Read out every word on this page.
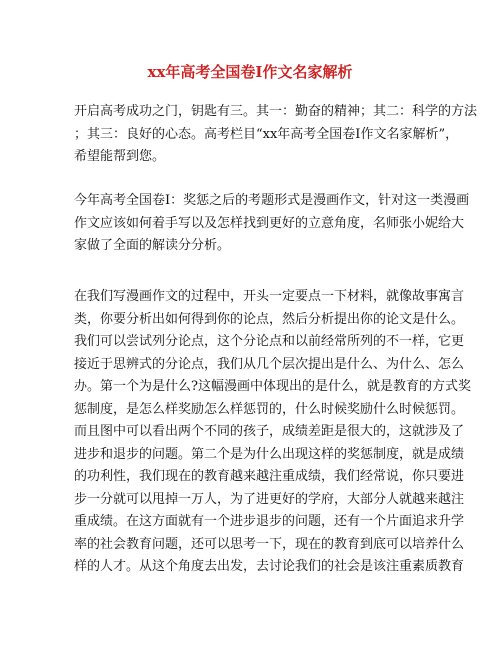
xx年高考全国卷Ⅰ作文名家解析
开启高考成功之门，钥匙有三。其一：勤奋的精神；其二：科学的方法
；其三：良好的心态。高考栏目“xx年高考全国卷Ⅰ作文名家解析”，
希望能帮到您。
今年高考全国卷Ⅰ：奖惩之后的考题形式是漫画作文，针对这一类漫画
作文应该如何着手写以及怎样找到更好的立意角度，名师张小妮给大
家做了全面的解读分分析。
在我们写漫画作文的过程中，开头一定要点一下材料，就像故事寓言
类，你要分析出如何得到你的论点，然后分析提出你的论文是什么。
我们可以尝试列分论点，这个分论点和以前经常所列的不一样，它更
接近于思辨式的分论点，我们从几个层次提出是什么、为什么、怎么
办。第一个为是什么?这幅漫画中体现出的是什么，就是教育的方式奖
惩制度，是怎么样奖励怎么样惩罚的，什么时候奖励什么时候惩罚。
而且图中可以看出两个不同的孩子，成绩差距是很大的，这就涉及了
进步和退步的问题。第二个是为什么出现这样的奖惩制度，就是成绩
的功利性，我们现在的教育越来越注重成绩，我们经常说，你只要进
步一分就可以甩掉一万人，为了进更好的学府，大部分人就越来越注
重成绩。在这方面就有一个进步退步的问题，还有一个片面追求升学
率的社会教育问题，还可以思考一下，现在的教育到底可以培养什么
样的人才。从这个角度去出发，去讨论我们的社会是该注重素质教育
